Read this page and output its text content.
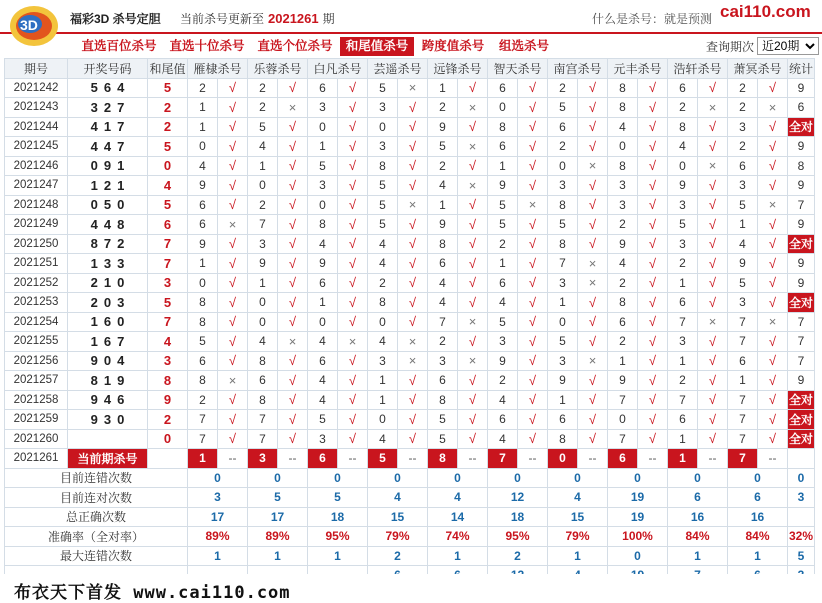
3D	福彩3D 杀号定胆 当前杀号更新至 2021261 期	什么是杀号：就是预测 cai110.com
直选百位杀号 直选十位杀号 直选个位杀号	和尾值杀号	跨度值杀号 组选杀号	查询期次
近20期
期号	开奖号码	和尾值	雁棣杀号		乐蓉杀号		白凡杀号		芸遥杀号		远锋杀号		智天杀号		南宫杀号		元丰杀号		浩轩杀号		萧冥杀号		统计
2021242	564	5	2	√	2	√	6	√	5	×	1	√	6	√	2	√	8	√	6	√	2	√	9
2021243	327	2	1	√	2	×	3	√	3	√	2	×	0	√	5	√	8	√	2	×	2	×	6
2021244	417	2	1	√	5	√	0	√	0	√	9	√	8	√	6	√	4	√	8	√	3	√	全对
2021245	447	5	0	√	4	√	1	√	3	√	5	×	6	√	2	√	0	√	4	√	2	√	9
2021246	091	0	4	√	1	√	5	√	8	√	2	√	1	√	0	×	8	√	0	×	6	√	8
2021247	121	4	9	√	0	√	3	√	5	√	4	×	9	√	3	√	3	√	9	√	3	√	9
2021248	050	5	6	√	2	√	0	√	5	×	1	√	5	×	8	√	3	√	3	√	5	×	7
2021249	448	6	6	×	7	√	8	√	5	√	9	√	5	√	5	√	2	√	5	√	1	√	9
2021250	872	7	9	√	3	√	4	√	4	√	8	√	2	√	8	√	9	√	3	√	4	√	全对
2021251	133	7	1	√	9	√	9	√	4	√	6	√	1	√	7	×	4	√	2	√	9	√	9
2021252	210	3	0	√	1	√	6	√	2	√	4	√	6	√	3	×	2	√	1	√	5	√	9
2021253	203	5	8	√	0	√	1	√	8	√	4	√	4	√	1	√	8	√	6	√	3	√	全对
2021254	160	7	8	√	0	√	0	√	0	√	7	×	5	√	0	√	6	√	7	×	7	×	7
2021255	167	4	5	√	4	×	4	×	4	×	2	√	3	√	5	√	2	√	3	√	7	√	7
2021256	904	3	6	√	8	√	6	√	3	×	3	×	9	√	3	×	1	√	1	√	6	√	7
2021257	819	8	8	×	6	√	4	√	1	√	6	√	2	√	9	√	9	√	2	√	1	√	9
2021258	946	9	2	√	8	√	4	√	1	√	8	√	4	√	1	√	7	√	7	√	7	√	全对
2021259	930	2	7	√	7	√	5	√	0	√	5	√	6	√	6	√	0	√	6	√	7	√	全对
2021260		0	7	√	7	√	3	√	4	√	5	√	4	√	8	√	7	√	1	√	7	√	全对
2021261	当前期杀号		1	--	3	--	6	--	5	--	8	--	7	--	0	--	6	--	1	--	7	--	
目前连错次数			0		0		0		0		0		0		0		0		0		0		0
目前连对次数			3		5		5		4		4		12		4		19		6		6		3
总正确次数			17		17		18		15		14		18		15		19		16		16		
准确率（全对率）			89%		89%		95%		79%		74%		95%		79%		100%		84%		84%		32%
最大连错次数			1		1		1		2		1		2		1		0		1		1		5

布衣天下首发 www.cai110.com
